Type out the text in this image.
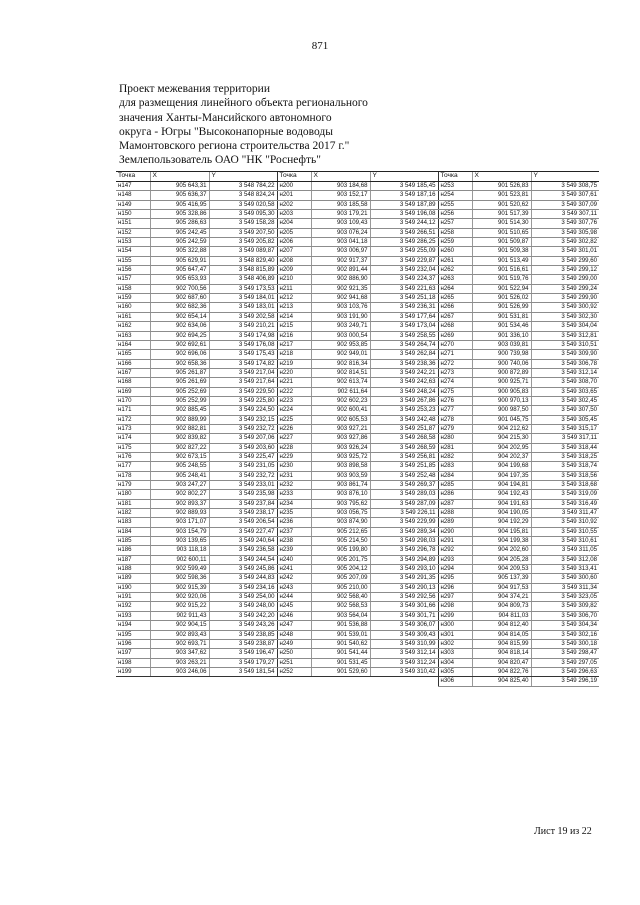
871
Проект межевания территории
для размещения линейного объекта регионального
значения Ханты-Мансийского автономного
округа - Югры "Высоконапорные водоводы
Мамонтовского региона строительства 2017 г."
Землепользователь ОАО "НК "Роснефть"
Точка	X	Y	Точка	X	Y	Точка	X	Y
н147	905 643,31	3 548 784,22	н200	903 184,68	3 549 185,45	н253	901 526,83	3 549 308,75
н148	905 636,37	3 548 824,24	н201	903 152,17	3 549 187,16	н254	901 523,81	3 549 307,61
н149	905 416,95	3 549 020,58	н202	903 185,58	3 549 187,89	н255	901 520,62	3 549 307,09
н150	905 328,86	3 549 095,30	н203	903 179,21	3 549 196,08	н256	901 517,39	3 549 307,11
н151	905 286,63	3 549 158,28	н204	903 109,43	3 549 244,12	н257	901 514,30	3 549 307,76
н152	905 242,45	3 549 207,50	н205	903 076,24	3 549 266,51	н258	901 510,65	3 549 305,98
н153	905 242,59	3 549 205,82	н206	903 041,18	3 549 286,25	н259	901 509,87	3 549 302,82
н154	905 322,88	3 549 089,87	н207	903 006,97	3 549 255,09	н260	901 509,38	3 549 301,01
н155	905 629,91	3 548 829,40	н208	902 917,37	3 549 229,87	н261	901 513,49	3 549 299,60
н156	905 647,47	3 548 815,89	н209	902 891,44	3 549 232,04	н262	901 516,61	3 549 299,12
н157	905 653,93	3 548 406,89	н210	902 886,90	3 549 224,37	н263	901 519,76	3 549 299,00
н158	902 700,56	3 549 173,53	н211	902 921,35	3 549 221,63	н264	901 522,94	3 549 299,24
н159	902 687,60	3 549 184,01	н212	902 941,68	3 549 251,18	н265	901 526,02	3 549 299,90
н160	902 682,36	3 549 183,01	н213	903 103,76	3 549 236,31	н266	901 526,99	3 549 300,92
н161	902 654,14	3 549 202,58	н214	903 191,90	3 549 177,64	н267	901 531,81	3 549 302,30
н162	902 634,06	3 549 210,21	н215	903 249,71	3 549 173,04	н268	901 534,46	3 549 304,04
н163	902 694,25	3 549 174,98	н216	903 000,54	3 549 258,55	н269	901 336,10	3 549 312,81
н164	902 692,61	3 549 176,08	н217	902 953,85	3 549 264,74	н270	903 039,81	3 549 310,51
н165	902 696,06	3 549 175,43	н218	902 949,01	3 549 262,84	н271	900 739,98	3 549 309,90
н166	902 658,36	3 549 174,82	н219	902 816,34	3 549 238,36	н272	900 740,06	3 549 306,78
н167	905 261,87	3 549 217,04	н220	902 814,51	3 549 242,21	н273	900 872,89	3 549 312,14
н168	905 261,69	3 549 217,64	н221	902 613,74	3 549 242,63	н274	900 925,71	3 549 308,70
н169	905 252,69	3 549 229,50	н222	902 611,64	3 549 248,24	н275	900 905,83	3 549 303,65
н170	905 252,99	3 549 225,80	н223	902 602,23	3 549 267,86	н276	900 970,13	3 549 302,45
н171	902 885,45	3 549 224,50	н224	902 600,41	3 549 253,23	н277	900 987,50	3 549 307,50
н172	902 889,99	3 549 232,15	н225	902 605,53	3 549 242,48	н278	901 045,75	3 549 305,45
н173	902 882,81	3 549 232,72	н226	903 927,21	3 549 251,87	н279	904 212,62	3 549 315,17
н174	902 839,82	3 549 207,06	н227	903 927,86	3 549 268,58	н280	904 215,30	3 549 317,11
н175	902 827,22	3 549 203,60	н228	903 926,24	3 549 268,59	н281	904 202,95	3 549 318,44
н176	902 673,15	3 549 225,47	н229	903 925,72	3 549 256,81	н282	904 202,37	3 549 318,25
н177	905 248,55	3 549 231,05	н230	903 898,58	3 549 251,85	н283	904 199,68	3 549 318,74
н178	905 248,41	3 549 232,72	н231	903 903,59	3 549 252,48	н284	904 197,35	3 549 318,56
н179	903 247,27	3 549 233,01	н232	903 861,74	3 549 269,37	н285	904 194,81	3 549 318,68
н180	902 802,27	3 549 235,98	н233	903 876,10	3 549 289,03	н286	904 192,43	3 549 319,09
н181	902 893,37	3 549 237,84	н234	903 795,62	3 549 287,09	н287	904 191,63	3 549 316,49
н182	902 889,93	3 549 238,17	н235	903 056,75	3 549 226,11	н288	904 190,05	3 549 311,47
н183	903 171,07	3 549 206,54	н236	903 874,90	3 549 229,99	н289	904 192,29	3 549 310,92
н184	903 154,79	3 549 227,47	н237	905 212,65	3 549 289,34	н290	904 195,81	3 549 310,55
н185	903 139,65	3 549 240,64	н238	905 214,50	3 549 298,03	н291	904 199,38	3 549 310,61
н186	903 118,18	3 549 236,58	н239	905 199,80	3 549 296,78	н292	904 202,60	3 549 311,05
н187	902 600,11	3 549 244,54	н240	905 201,75	3 549 294,89	н293	904 205,28	3 549 312,08
н188	902 599,49	3 549 245,86	н241	905 204,12	3 549 293,10	н294	904 209,53	3 549 313,41
н189	902 598,36	3 549 244,83	н242	905 207,09	3 549 291,35	н295	905 137,39	3 549 300,60
н190	902 915,39	3 549 234,16	н243	905 210,00	3 549 290,13	н296	904 917,53	3 549 311,34
н191	902 920,06	3 549 254,00	н244	902 568,40	3 549 292,56	н297	904 374,21	3 549 323,05
н192	902 915,22	3 549 248,00	н245	902 568,53	3 549 301,66	н298	904 809,73	3 549 309,82
н193	902 911,43	3 549 242,20	н246	903 564,04	3 549 301,71	н299	904 811,03	3 549 306,70
н194	902 904,15	3 549 243,26	н247	901 536,88	3 549 306,07	н300	904 812,40	3 549 304,34
н195	902 893,43	3 549 238,85	н248	901 539,01	3 549 309,43	н301	904 814,05	3 549 302,16
н196	902 693,71	3 549 238,87	н249	901 540,62	3 549 310,99	н302	904 815,99	3 549 300,18
н197	903 347,62	3 549 196,47	н250	901 541,44	3 549 312,14	н303	904 818,14	3 549 298,47
н198	903 263,21	3 549 179,27	н251	901 531,45	3 549 312,24	н304	904 820,47	3 549 297,05
н199	903 246,06	3 549 181,54	н252	901 529,60	3 549 310,42	н305	904 822,76	3 549 296,63
						н306	904 825,40	3 549 296,19
Лист 19 из 22
